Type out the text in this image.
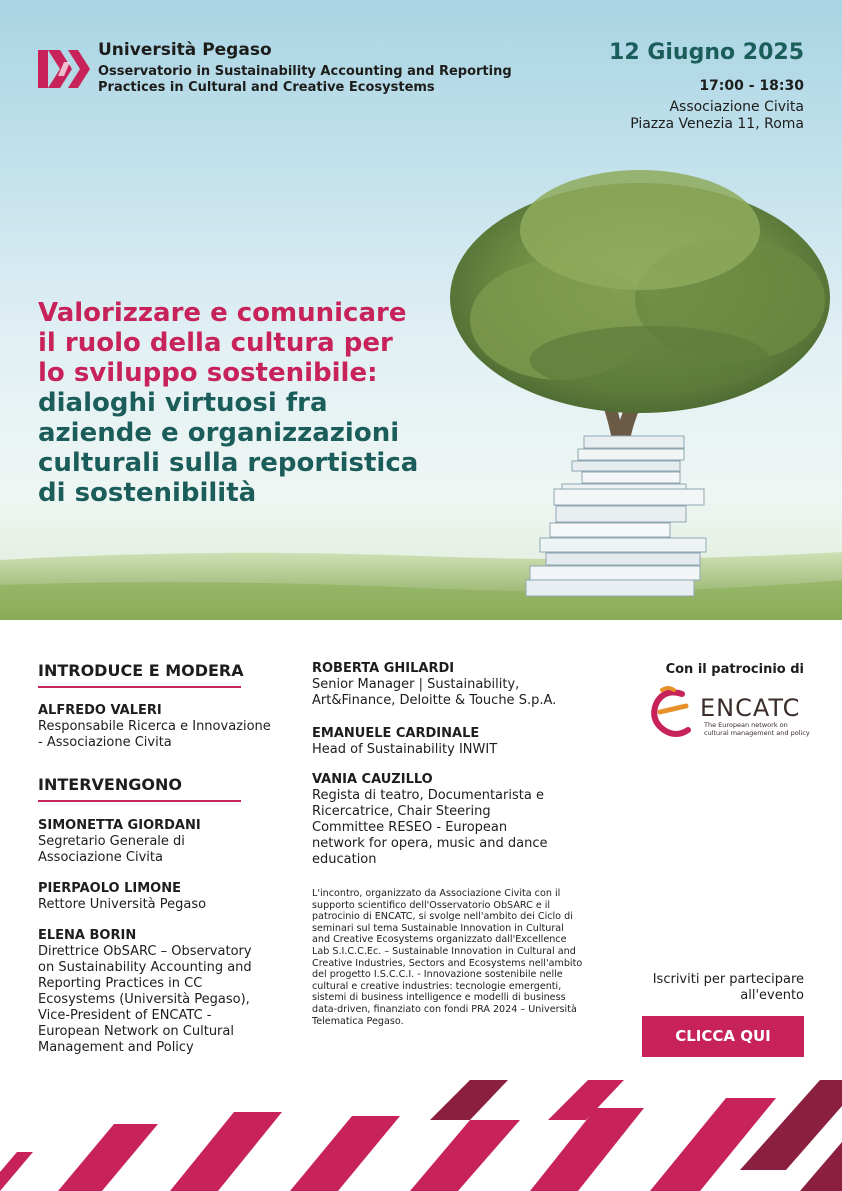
Università Pegaso
Osservatorio in Sustainability Accounting and Reporting Practices in Cultural and Creative Ecosystems
12 Giugno 2025
17:00 - 18:30
Associazione Civita
Piazza Venezia 11, Roma
Valorizzare e comunicare
il ruolo della cultura per
lo sviluppo sostenibile:
dialoghi virtuosi fra
aziende e organizzazioni
culturali sulla reportistica
di sostenibilità
INTRODUCE E MODERA
ALFREDO VALERI
Responsabile Ricerca e Innovazione - Associazione Civita
INTERVENGONO
SIMONETTA GIORDANI
Segretario Generale di Associazione Civita
PIERPAOLO LIMONE
Rettore Università Pegaso
ELENA BORIN
Direttrice ObSARC – Observatory on Sustainability Accounting and Reporting Practices in CC Ecosystems (Università Pegaso), Vice-President of ENCATC - European Network on Cultural Management and Policy
ROBERTA GHILARDI
Senior Manager | Sustainability, Art&Finance, Deloitte & Touche S.p.A.
EMANUELE CARDINALE
Head of Sustainability INWIT
VANIA CAUZILLO
Regista di teatro, Documentarista e Ricercatrice, Chair Steering Committee RESEO - European network for opera, music and dance education
L'incontro, organizzato da Associazione Civita con il supporto scientifico dell'Osservatorio ObSARC e il patrocinio di ENCATC, si svolge nell'ambito dei Ciclo di seminari sul tema Sustainable Innovation in Cultural and Creative Ecosystems organizzato dall'Excellence Lab S.I.C.C.Ec. – Sustainable Innovation in Cultural and Creative Industries, Sectors and Ecosystems nell'ambito del progetto I.S.C.C.I. - Innovazione sostenibile nelle cultural e creative industries: tecnologie emergenti, sistemi di business intelligence e modelli di business data-driven, finanziato con fondi PRA 2024 – Università Telematica Pegaso.
Con il patrocinio di
ENCATC
The European network on cultural management and policy
Iscriviti per partecipare all'evento
CLICCA QUI
